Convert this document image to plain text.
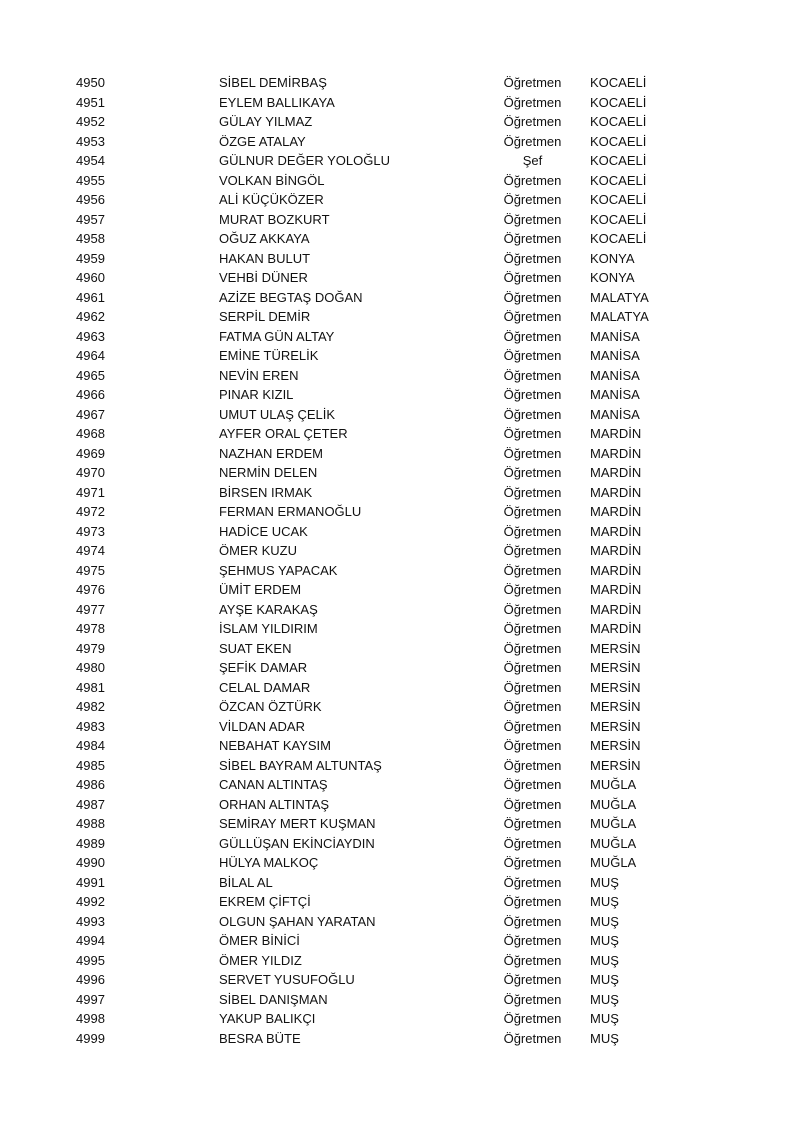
4950	SİBEL DEMİRBAŞ	Öğretmen	KOCAELİ
4951	EYLEM BALLIKAYA	Öğretmen	KOCAELİ
4952	GÜLAY YILMAZ	Öğretmen	KOCAELİ
4953	ÖZGE ATALAY	Öğretmen	KOCAELİ
4954	GÜLNUR DEĞER YOLOĞLU	Şef	KOCAELİ
4955	VOLKAN BİNGÖL	Öğretmen	KOCAELİ
4956	ALİ KÜÇÜKÖZER	Öğretmen	KOCAELİ
4957	MURAT BOZKURT	Öğretmen	KOCAELİ
4958	OĞUZ AKKAYA	Öğretmen	KOCAELİ
4959	HAKAN BULUT	Öğretmen	KONYA
4960	VEHBİ DÜNER	Öğretmen	KONYA
4961	AZİZE BEGTAŞ DOĞAN	Öğretmen	MALATYA
4962	SERPİL DEMİR	Öğretmen	MALATYA
4963	FATMA GÜN ALTAY	Öğretmen	MANİSA
4964	EMİNE TÜRELİK	Öğretmen	MANİSA
4965	NEVİN EREN	Öğretmen	MANİSA
4966	PINAR KIZIL	Öğretmen	MANİSA
4967	UMUT ULAŞ ÇELİK	Öğretmen	MANİSA
4968	AYFER ORAL ÇETER	Öğretmen	MARDİN
4969	NAZHAN ERDEM	Öğretmen	MARDİN
4970	NERMİN DELEN	Öğretmen	MARDİN
4971	BİRSEN IRMAK	Öğretmen	MARDİN
4972	FERMAN ERMANOĞLU	Öğretmen	MARDİN
4973	HADİCE UCAK	Öğretmen	MARDİN
4974	ÖMER KUZU	Öğretmen	MARDİN
4975	ŞEHMUS YAPACAK	Öğretmen	MARDİN
4976	ÜMİT ERDEM	Öğretmen	MARDİN
4977	AYŞE KARAKAŞ	Öğretmen	MARDİN
4978	İSLAM YILDIRIM	Öğretmen	MARDİN
4979	SUAT EKEN	Öğretmen	MERSİN
4980	ŞEFİK DAMAR	Öğretmen	MERSİN
4981	CELAL DAMAR	Öğretmen	MERSİN
4982	ÖZCAN ÖZTÜRK	Öğretmen	MERSİN
4983	VİLDAN ADAR	Öğretmen	MERSİN
4984	NEBAHAT KAYSIM	Öğretmen	MERSİN
4985	SİBEL BAYRAM ALTUNTAŞ	Öğretmen	MERSİN
4986	CANAN ALTINTAŞ	Öğretmen	MUĞLA
4987	ORHAN ALTINTAŞ	Öğretmen	MUĞLA
4988	SEMİRAY MERT KUŞMAN	Öğretmen	MUĞLA
4989	GÜLLÜŞAN EKİNCİAYDIN	Öğretmen	MUĞLA
4990	HÜLYA MALKOÇ	Öğretmen	MUĞLA
4991	BİLAL AL	Öğretmen	MUŞ
4992	EKREM ÇİFTÇİ	Öğretmen	MUŞ
4993	OLGUN ŞAHAN YARATAN	Öğretmen	MUŞ
4994	ÖMER BİNİCİ	Öğretmen	MUŞ
4995	ÖMER YILDIZ	Öğretmen	MUŞ
4996	SERVET YUSUFOĞLU	Öğretmen	MUŞ
4997	SİBEL DANIŞMAN	Öğretmen	MUŞ
4998	YAKUP BALIKÇI	Öğretmen	MUŞ
4999	BESRA BÜTE	Öğretmen	MUŞ
